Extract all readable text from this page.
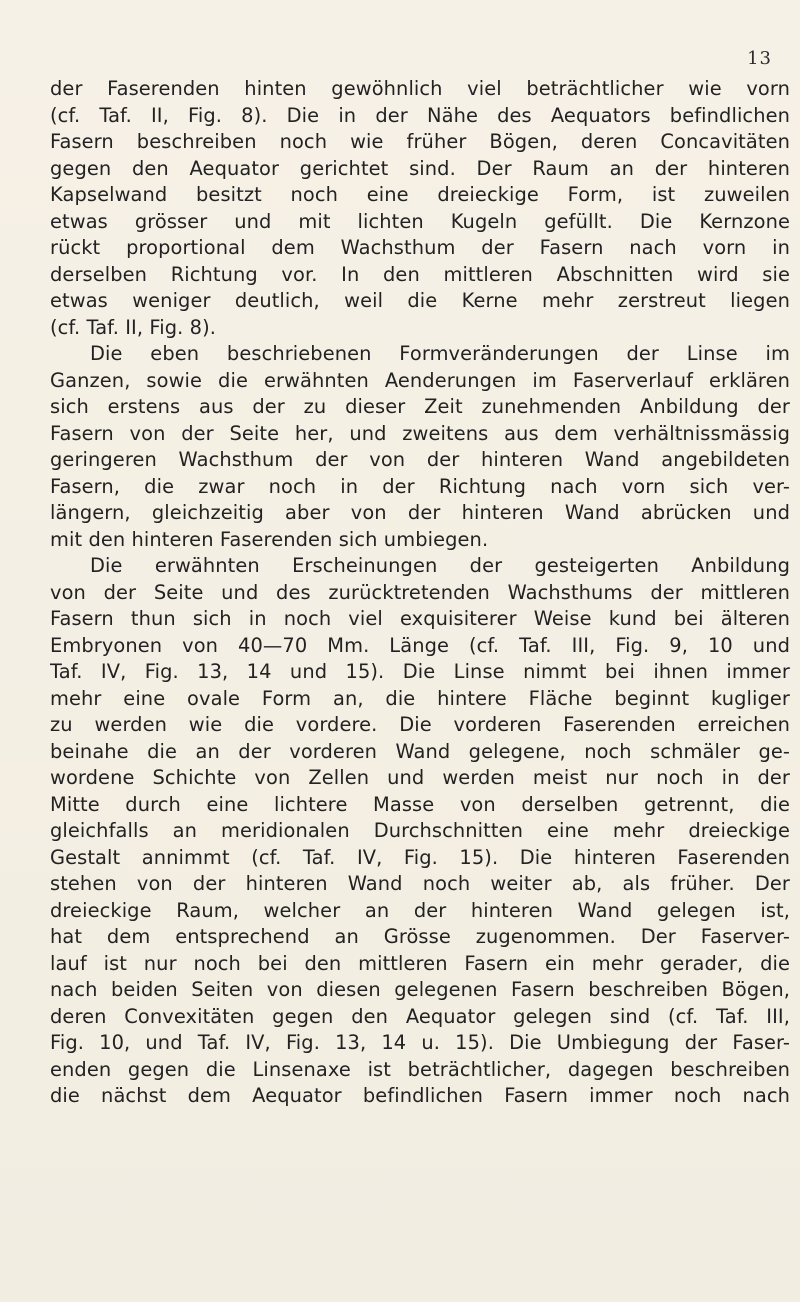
13
der Faserenden hinten gewöhnlich viel beträchtlicher wie vorn
(cf. Taf. II, Fig. 8). Die in der Nähe des Aequators befindlichen
Fasern beschreiben noch wie früher Bögen, deren Concavitäten
gegen den Aequator gerichtet sind. Der Raum an der hinteren
Kapselwand besitzt noch eine dreieckige Form, ist zuweilen
etwas grösser und mit lichten Kugeln gefüllt. Die Kernzone
rückt proportional dem Wachsthum der Fasern nach vorn in
derselben Richtung vor. In den mittleren Abschnitten wird sie
etwas weniger deutlich, weil die Kerne mehr zerstreut liegen
(cf. Taf. II, Fig. 8).
Die eben beschriebenen Formveränderungen der Linse im
Ganzen, sowie die erwähnten Aenderungen im Faserverlauf erklären
sich erstens aus der zu dieser Zeit zunehmenden Anbildung der
Fasern von der Seite her, und zweitens aus dem verhältnissmässig
geringeren Wachsthum der von der hinteren Wand angebildeten
Fasern, die zwar noch in der Richtung nach vorn sich ver-
längern, gleichzeitig aber von der hinteren Wand abrücken und
mit den hinteren Faserenden sich umbiegen.
Die erwähnten Erscheinungen der gesteigerten Anbildung
von der Seite und des zurücktretenden Wachsthums der mittleren
Fasern thun sich in noch viel exquisiterer Weise kund bei älteren
Embryonen von 40—70 Mm. Länge (cf. Taf. III, Fig. 9, 10 und
Taf. IV, Fig. 13, 14 und 15). Die Linse nimmt bei ihnen immer
mehr eine ovale Form an, die hintere Fläche beginnt kugliger
zu werden wie die vordere. Die vorderen Faserenden erreichen
beinahe die an der vorderen Wand gelegene, noch schmäler ge-
wordene Schichte von Zellen und werden meist nur noch in der
Mitte durch eine lichtere Masse von derselben getrennt, die
gleichfalls an meridionalen Durchschnitten eine mehr dreieckige
Gestalt annimmt (cf. Taf. IV, Fig. 15). Die hinteren Faserenden
stehen von der hinteren Wand noch weiter ab, als früher. Der
dreieckige Raum, welcher an der hinteren Wand gelegen ist,
hat dem entsprechend an Grösse zugenommen. Der Faserver-
lauf ist nur noch bei den mittleren Fasern ein mehr gerader, die
nach beiden Seiten von diesen gelegenen Fasern beschreiben Bögen,
deren Convexitäten gegen den Aequator gelegen sind (cf. Taf. III,
Fig. 10, und Taf. IV, Fig. 13, 14 u. 15). Die Umbiegung der Faser-
enden gegen die Linsenaxe ist beträchtlicher, dagegen beschreiben
die nächst dem Aequator befindlichen Fasern immer noch nach
